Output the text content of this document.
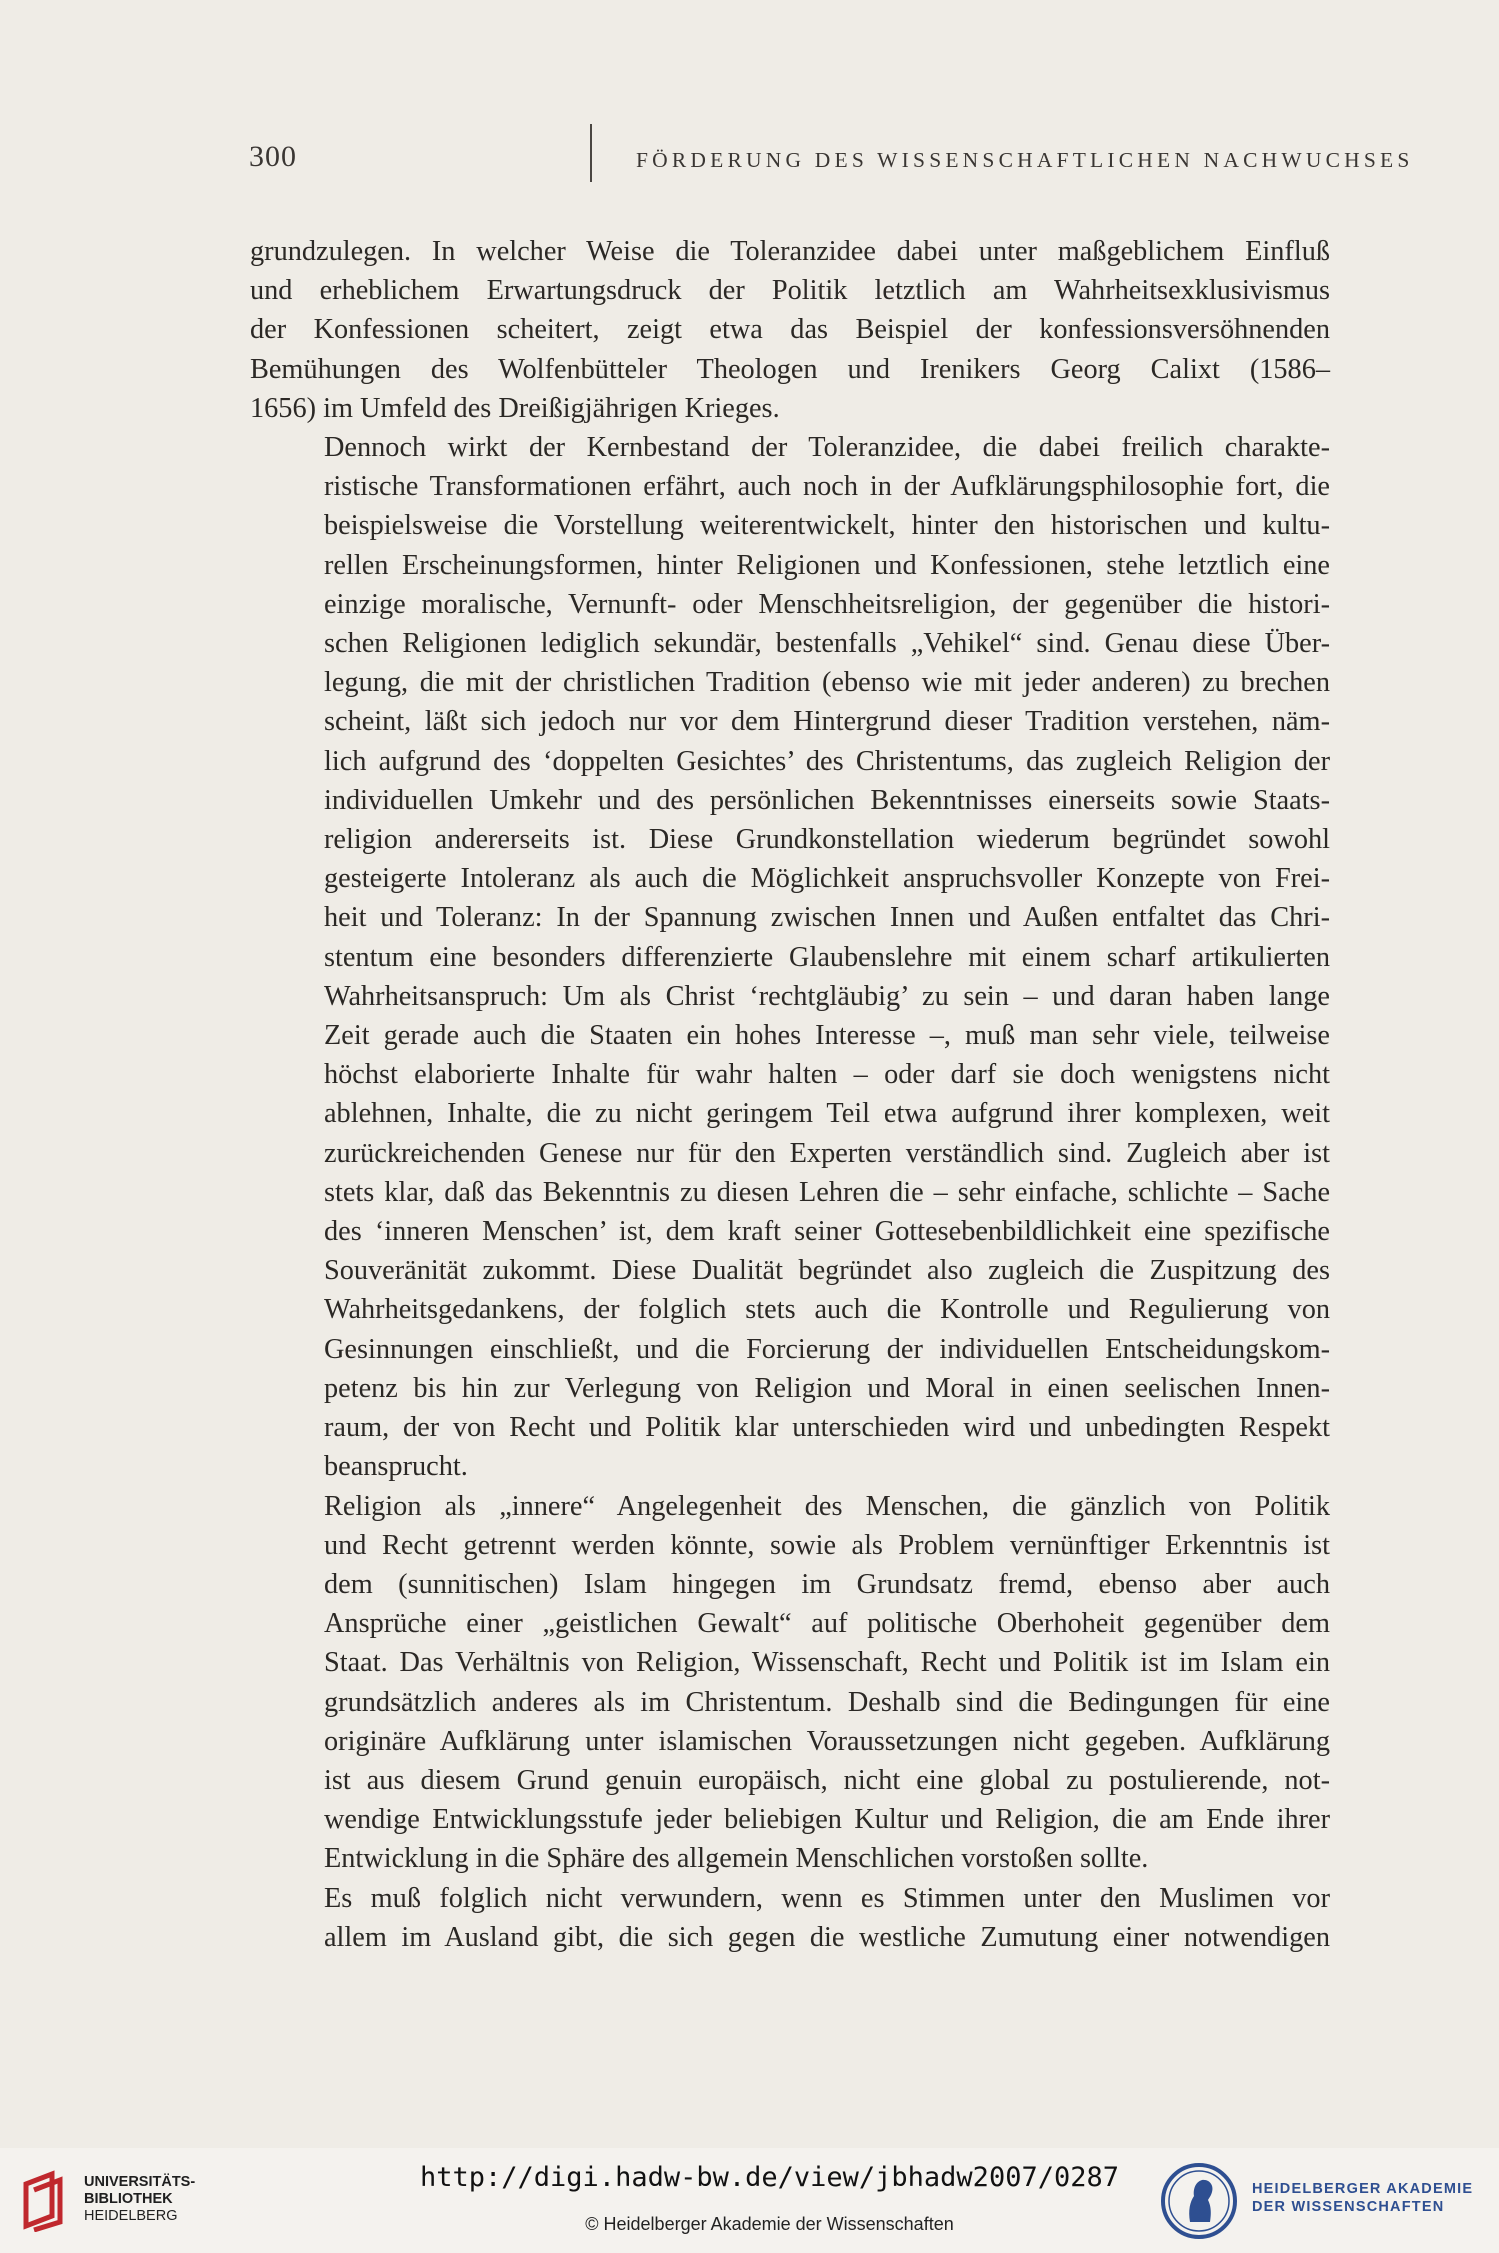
300	FÖRDERUNG DES WISSENSCHAFTLICHEN NACHWUCHSES

grundzulegen. In welcher Weise die Toleranzidee dabei unter maßgeblichem Einfluß
und erheblichem Erwartungsdruck der Politik letztlich am Wahrheitsexklusivismus
der Konfessionen scheitert, zeigt etwa das Beispiel der konfessionsversöhnenden
Bemühungen des Wolfenbütteler Theologen und Irenikers Georg Calixt (1586–
1656) im Umfeld des Dreißigjährigen Krieges.

Dennoch wirkt der Kernbestand der Toleranzidee, die dabei freilich charakte-
ristische Transformationen erfährt, auch noch in der Aufklärungsphilosophie fort, die
beispielsweise die Vorstellung weiterentwickelt, hinter den historischen und kultu-
rellen Erscheinungsformen, hinter Religionen und Konfessionen, stehe letztlich eine
einzige moralische, Vernunft- oder Menschheitsreligion, der gegenüber die histori-
schen Religionen lediglich sekundär, bestenfalls „Vehikel“ sind. Genau diese Über-
legung, die mit der christlichen Tradition (ebenso wie mit jeder anderen) zu brechen
scheint, läßt sich jedoch nur vor dem Hintergrund dieser Tradition verstehen, näm-
lich aufgrund des ‘doppelten Gesichtes’ des Christentums, das zugleich Religion der
individuellen Umkehr und des persönlichen Bekenntnisses einerseits sowie Staats-
religion andererseits ist. Diese Grundkonstellation wiederum begründet sowohl
gesteigerte Intoleranz als auch die Möglichkeit anspruchsvoller Konzepte von Frei-
heit und Toleranz: In der Spannung zwischen Innen und Außen entfaltet das Chri-
stentum eine besonders differenzierte Glaubenslehre mit einem scharf artikulierten
Wahrheitsanspruch: Um als Christ ‘rechtgläubig’ zu sein – und daran haben lange
Zeit gerade auch die Staaten ein hohes Interesse –, muß man sehr viele, teilweise
höchst elaborierte Inhalte für wahr halten – oder darf sie doch wenigstens nicht
ablehnen, Inhalte, die zu nicht geringem Teil etwa aufgrund ihrer komplexen, weit
zurückreichenden Genese nur für den Experten verständlich sind. Zugleich aber ist
stets klar, daß das Bekenntnis zu diesen Lehren die – sehr einfache, schlichte – Sache
des ‘inneren Menschen’ ist, dem kraft seiner Gottesebenbildlichkeit eine spezifische
Souveränität zukommt. Diese Dualität begründet also zugleich die Zuspitzung des
Wahrheitsgedankens, der folglich stets auch die Kontrolle und Regulierung von
Gesinnungen einschließt, und die Forcierung der individuellen Entscheidungskom-
petenz bis hin zur Verlegung von Religion und Moral in einen seelischen Innen-
raum, der von Recht und Politik klar unterschieden wird und unbedingten Respekt
beansprucht.

Religion als „innere“ Angelegenheit des Menschen, die gänzlich von Politik
und Recht getrennt werden könnte, sowie als Problem vernünftiger Erkenntnis ist
dem (sunnitischen) Islam hingegen im Grundsatz fremd, ebenso aber auch
Ansprüche einer „geistlichen Gewalt“ auf politische Oberhoheit gegenüber dem
Staat. Das Verhältnis von Religion, Wissenschaft, Recht und Politik ist im Islam ein
grundsätzlich anderes als im Christentum. Deshalb sind die Bedingungen für eine
originäre Aufklärung unter islamischen Voraussetzungen nicht gegeben. Aufklärung
ist aus diesem Grund genuin europäisch, nicht eine global zu postulierende, not-
wendige Entwicklungsstufe jeder beliebigen Kultur und Religion, die am Ende ihrer
Entwicklung in die Sphäre des allgemein Menschlichen vorstoßen sollte.

Es muß folglich nicht verwundern, wenn es Stimmen unter den Muslimen vor
allem im Ausland gibt, die sich gegen die westliche Zumutung einer notwendigen

UNIVERSITÄTS-
BIBLIOTHEK
HEIDELBERG
http://digi.hadw-bw.de/view/jbhadw2007/0287
© Heidelberger Akademie der Wissenschaften
HEIDELBERGER AKADEMIE
DER WISSENSCHAFTEN
